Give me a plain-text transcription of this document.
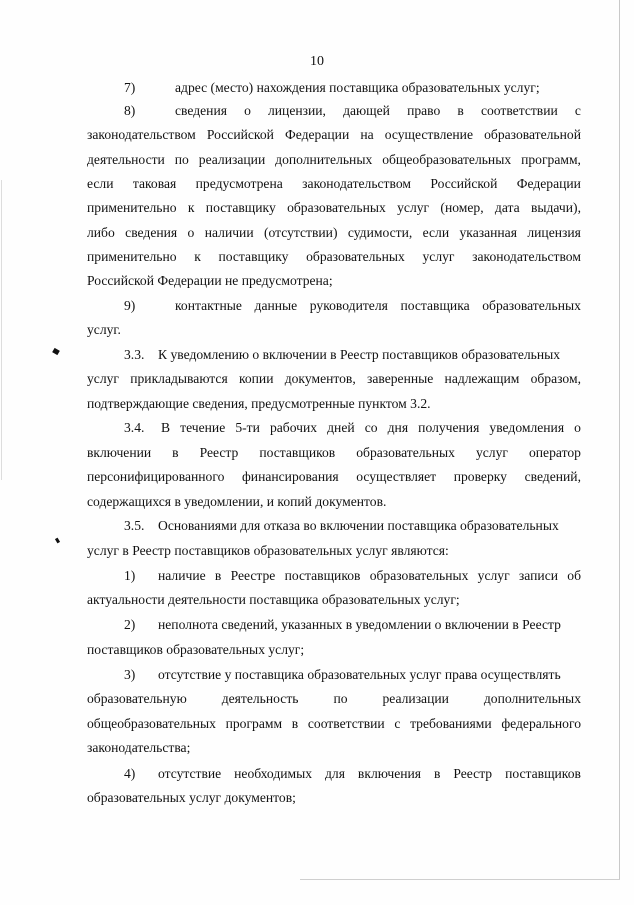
10
7)	адрес (место) нахождения поставщика образовательных услуг;
8)	сведения о лицензии, дающей право в соответствии с
законодательством Российской Федерации на осуществление образовательной
деятельности по реализации дополнительных общеобразовательных программ,
если таковая предусмотрена законодательством Российской Федерации
применительно к поставщику образовательных услуг (номер, дата выдачи),
либо сведения о наличии (отсутствии) судимости, если указанная лицензия
применительно к поставщику образовательных услуг законодательством
Российской Федерации не предусмотрена;
9)	контактные данные руководителя поставщика образовательных
услуг.
3.3. К уведомлению о включении в Реестр поставщиков образовательных
услуг прикладываются копии документов, заверенные надлежащим образом,
подтверждающие сведения, предусмотренные пунктом 3.2.
3.4. В течение 5-ти рабочих дней со дня получения уведомления о
включении в Реестр поставщиков образовательных услуг оператор
персонифицированного финансирования осуществляет проверку сведений,
содержащихся в уведомлении, и копий документов.
3.5. Основаниями для отказа во включении поставщика образовательных
услуг в Реестр поставщиков образовательных услуг являются:
1) наличие в Реестре поставщиков образовательных услуг записи об
актуальности деятельности поставщика образовательных услуг;
2) неполнота сведений, указанных в уведомлении о включении в Реестр
поставщиков образовательных услуг;
3) отсутствие у поставщика образовательных услуг права осуществлять
образовательную	деятельность	по	реализации	дополнительных
общеобразовательных программ в соответствии с требованиями федерального
законодательства;
4) отсутствие необходимых для включения в Реестр поставщиков
образовательных услуг документов;
